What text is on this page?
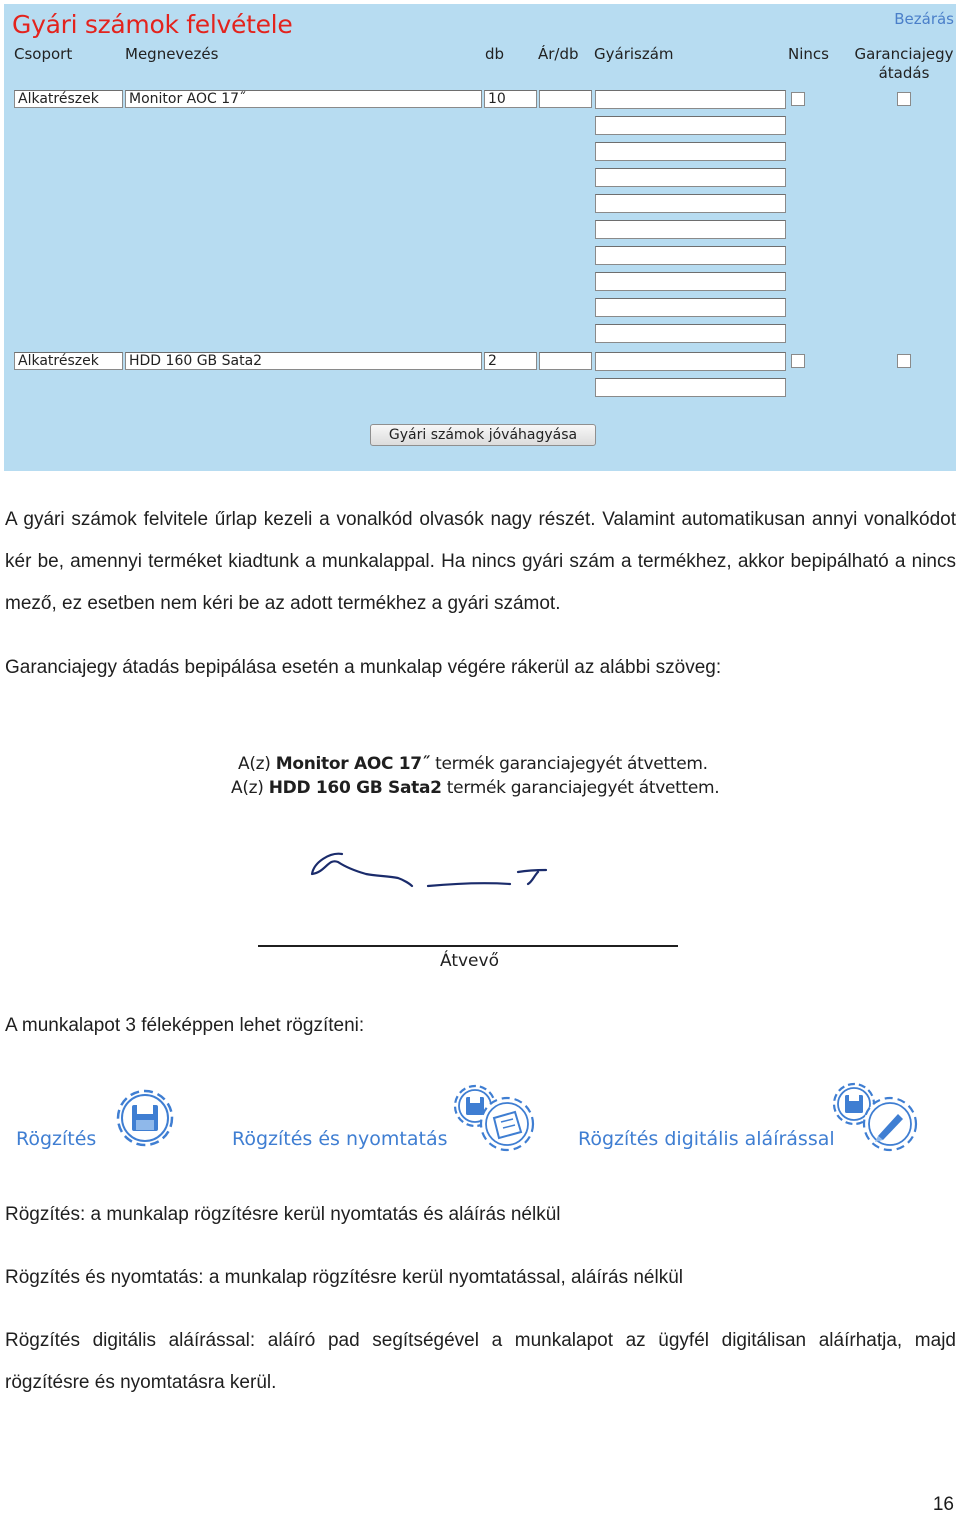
Gyári számok felvétele	Bezárás
Csoport	Megnevezés	db Ár/db Gyáriszám	Nincs Garanciajegy
átadás
Alkatrészek	Monitor AOC 17˝	10
Alkatrészek	HDD 160 GB Sata2	2
Gyári számok jóváhagyása
A gyári számok felvitele űrlap kezeli a vonalkód olvasók nagy részét. Valamint automatikusan annyi vonalkódot kér be, amennyi terméket kiadtunk a munkalappal. Ha nincs gyári szám a termékhez, akkor bepipálható a nincs mező, ez esetben nem kéri be az adott termékhez a gyári számot.
Garanciajegy átadás bepipálása esetén a munkalap végére rákerül az alábbi szöveg:
A(z) Monitor AOC 17˝ termék garanciajegyét átvettem.
A(z) HDD 160 GB Sata2 termék garanciajegyét átvettem.
Átvevő
A munkalapot 3 féleképpen lehet rögzíteni:
Rögzítés	Rögzítés és nyomtatás	Rögzítés digitális aláírással
Rögzítés: a munkalap rögzítésre kerül nyomtatás és aláírás nélkül
Rögzítés és nyomtatás: a munkalap rögzítésre kerül nyomtatással, aláírás nélkül
Rögzítés digitális aláírással: aláíró pad segítségével a munkalapot az ügyfél digitálisan aláírhatja, majd rögzítésre és nyomtatásra kerül.
16
